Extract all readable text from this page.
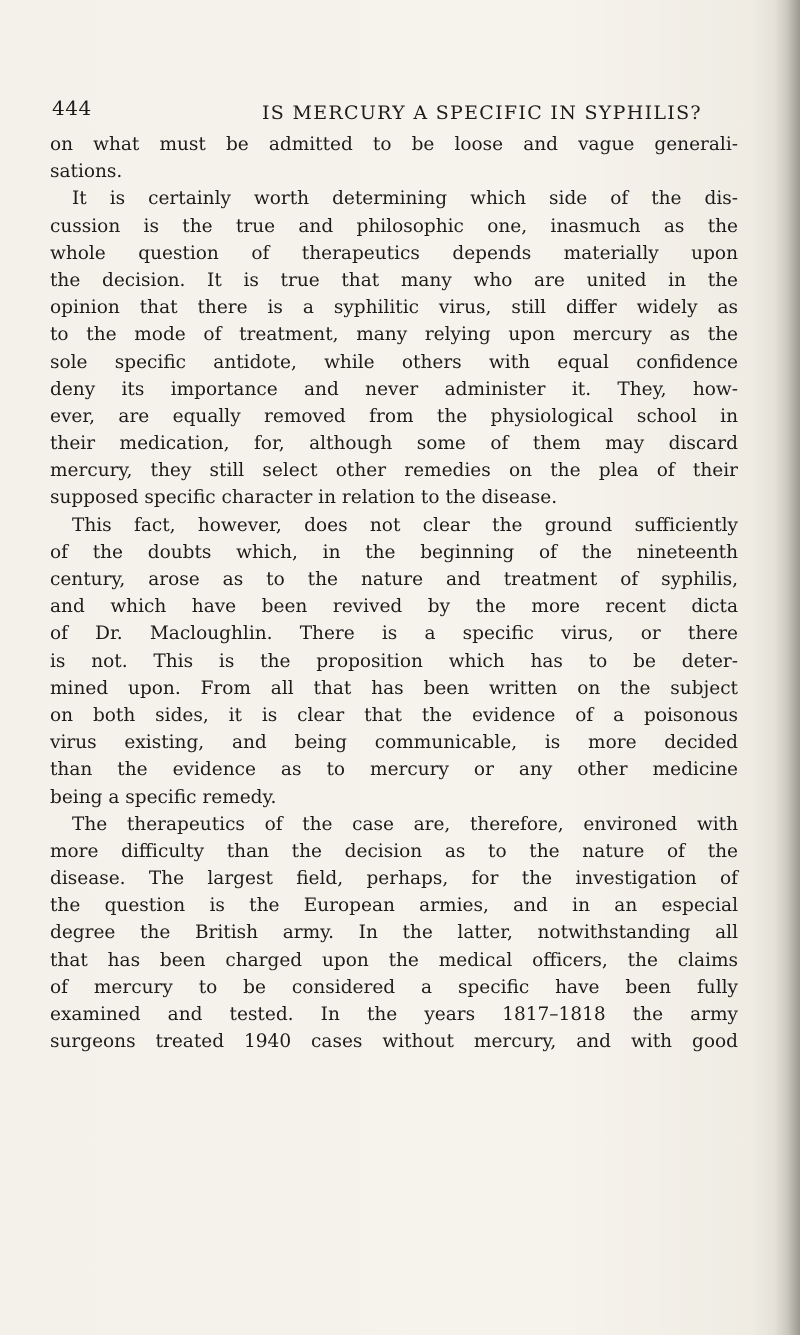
444	IS MERCURY A SPECIFIC IN SYPHILIS?
on what must be admitted to be loose and vague generali-
sations.
It is certainly worth determining which side of the dis-
cussion is the true and philosophic one, inasmuch as the
whole question of therapeutics depends materially upon
the decision. It is true that many who are united in the
opinion that there is a syphilitic virus, still differ widely as
to the mode of treatment, many relying upon mercury as the
sole specific antidote, while others with equal confidence
deny its importance and never administer it. They, how-
ever, are equally removed from the physiological school in
their medication, for, although some of them may discard
mercury, they still select other remedies on the plea of their
supposed specific character in relation to the disease.
This fact, however, does not clear the ground sufficiently
of the doubts which, in the beginning of the nineteenth
century, arose as to the nature and treatment of syphilis,
and which have been revived by the more recent dicta
of Dr. Macloughlin. There is a specific virus, or there
is not. This is the proposition which has to be deter-
mined upon. From all that has been written on the subject
on both sides, it is clear that the evidence of a poisonous
virus existing, and being communicable, is more decided
than the evidence as to mercury or any other medicine
being a specific remedy.
The therapeutics of the case are, therefore, environed with
more difficulty than the decision as to the nature of the
disease. The largest field, perhaps, for the investigation of
the question is the European armies, and in an especial
degree the British army. In the latter, notwithstanding all
that has been charged upon the medical officers, the claims
of mercury to be considered a specific have been fully
examined and tested. In the years 1817–1818 the army
surgeons treated 1940 cases without mercury, and with good
